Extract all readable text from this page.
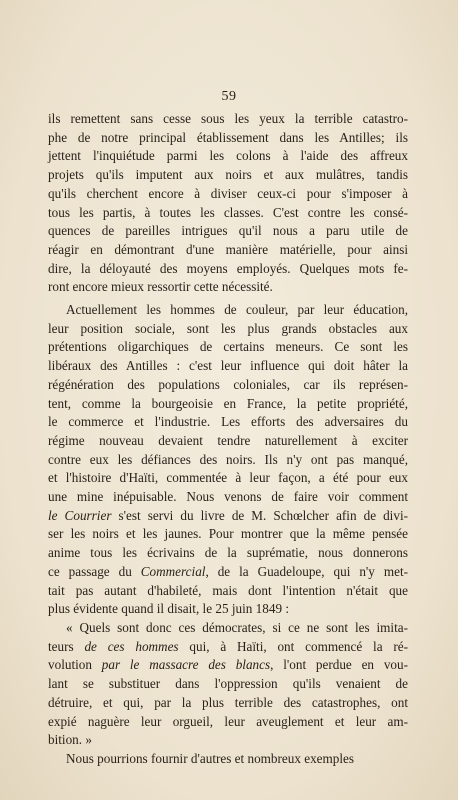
59
ils remettent sans cesse sous les yeux la terrible catastro-
phe de notre principal établissement dans les Antilles; ils
jettent l'inquiétude parmi les colons à l'aide des affreux
projets qu'ils imputent aux noirs et aux mulâtres, tandis
qu'ils cherchent encore à diviser ceux-ci pour s'imposer à
tous les partis, à toutes les classes. C'est contre les consé-
quences de pareilles intrigues qu'il nous a paru utile de
réagir en démontrant d'une manière matérielle, pour ainsi
dire, la déloyauté des moyens employés. Quelques mots fe-
ront encore mieux ressortir cette nécessité.
Actuellement les hommes de couleur, par leur éducation,
leur position sociale, sont les plus grands obstacles aux
prétentions oligarchiques de certains meneurs. Ce sont les
libéraux des Antilles : c'est leur influence qui doit hâter la
régénération des populations coloniales, car ils représen-
tent, comme la bourgeoisie en France, la petite propriété,
le commerce et l'industrie. Les efforts des adversaires du
régime nouveau devaient tendre naturellement à exciter
contre eux les défiances des noirs. Ils n'y ont pas manqué,
et l'histoire d'Haïti, commentée à leur façon, a été pour eux
une mine inépuisable. Nous venons de faire voir comment
le Courrier s'est servi du livre de M. Schœlcher afin de divi-
ser les noirs et les jaunes. Pour montrer que la même pensée
anime tous les écrivains de la suprématie, nous donnerons
ce passage du Commercial, de la Guadeloupe, qui n'y met-
tait pas autant d'habileté, mais dont l'intention n'était que
plus évidente quand il disait, le 25 juin 1849 :
« Quels sont donc ces démocrates, si ce ne sont les imita-
teurs de ces hommes qui, à Haïti, ont commencé la ré-
volution par le massacre des blancs, l'ont perdue en vou-
lant se substituer dans l'oppression qu'ils venaient de
détruire, et qui, par la plus terrible des catastrophes, ont
expié naguère leur orgueil, leur aveuglement et leur am-
bition. »
Nous pourrions fournir d'autres et nombreux exemples
